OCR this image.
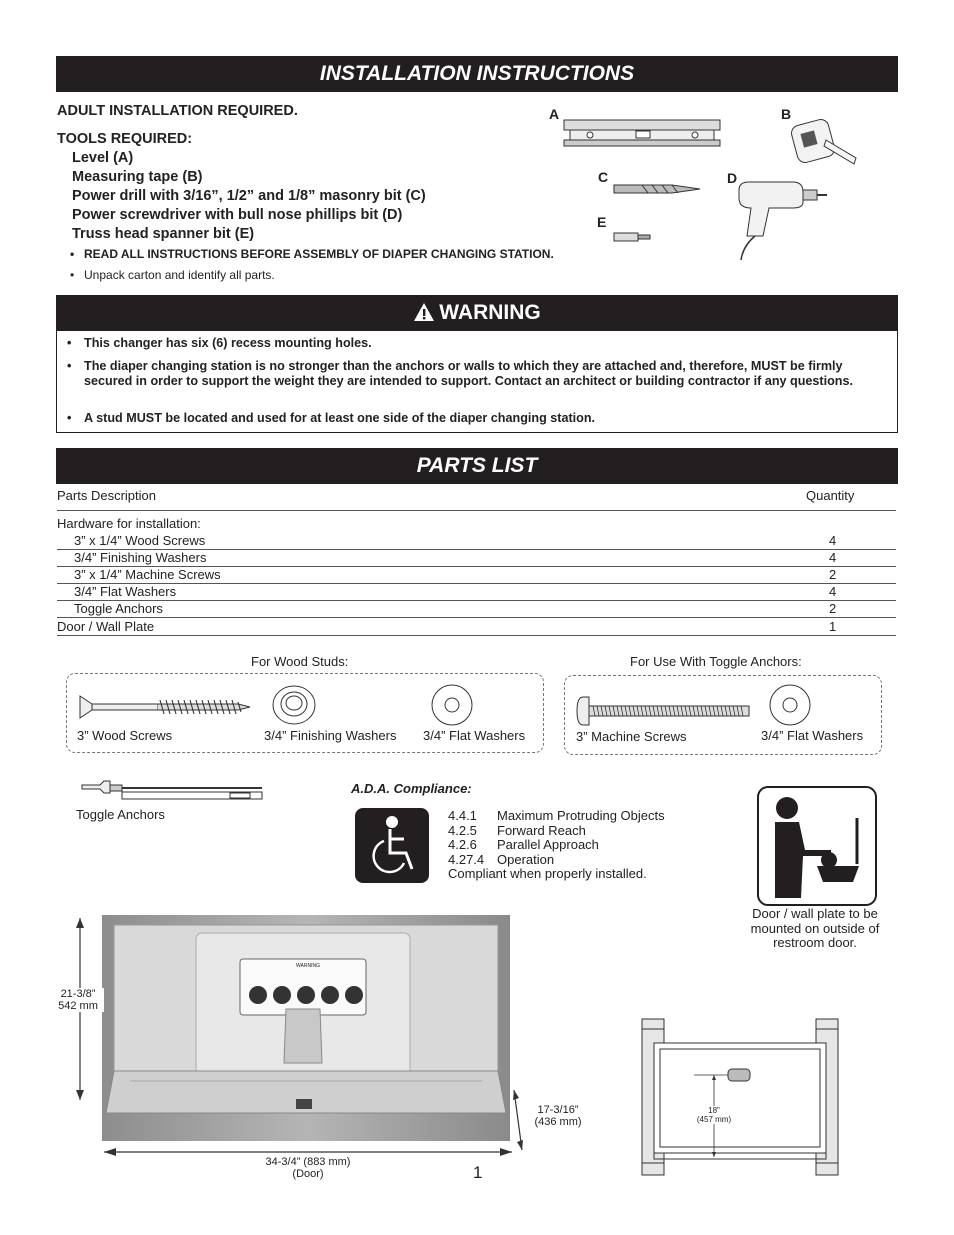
INSTALLATION INSTRUCTIONS
ADULT INSTALLATION REQUIRED.
TOOLS REQUIRED:
Level (A)
Measuring tape (B)
Power drill with 3/16”, 1/2” and 1/8” masonry bit (C)
Power screwdriver with bull nose phillips bit (D)
Truss head spanner bit (E)
• READ ALL INSTRUCTIONS BEFORE ASSEMBLY OF DIAPER CHANGING STATION.
• Unpack carton and identify all parts.
A	B
C	D
E
WARNING
• This changer has six (6) recess mounting holes.
• The diaper changing station is no stronger than the anchors or walls to which they are attached and, therefore, MUST be firmly secured in order to support the weight they are intended to support. Contact an architect or building contractor if any questions.
• A stud MUST be located and used for at least one side of the diaper changing station.
PARTS LIST
Parts Description	Quantity
Hardware for installation:
3” x 1/4” Wood Screws	4
3/4” Finishing Washers	4
3” x 1/4” Machine Screws	2
3/4” Flat Washers	4
Toggle Anchors	2
Door / Wall Plate	1
For Wood Studs:	For Use With Toggle Anchors:
3” Wood Screws	3/4” Finishing Washers 3/4” Flat Washers	3” Machine Screws	3/4” Flat Washers
Toggle Anchors
A.D.A. Compliance:
4.4.1 Maximum Protruding Objects
4.2.5 Forward Reach
4.2.6 Parallel Approach
4.27.4 Operation
Compliant when properly installed.
Door / wall plate to be mounted on outside of restroom door.
WARNING
21-3/8”
542 mm
17-3/16”
(436 mm)
34-3/4” (883 mm)
(Door)
18"
(457 mm)
1
